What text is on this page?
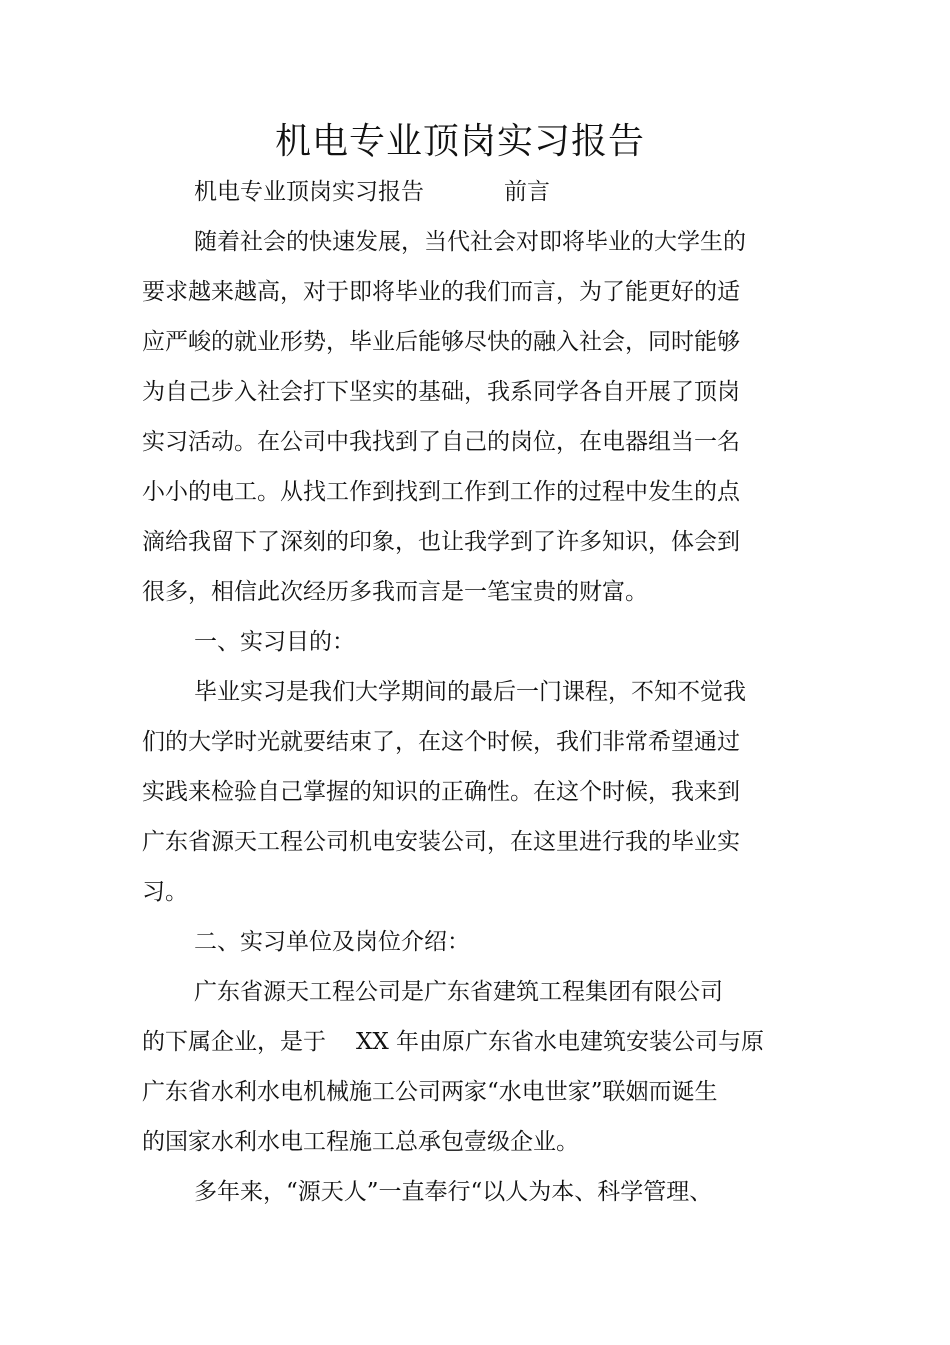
机电专业顶岗实习报告
机电专业顶岗实习报告	前言
随着社会的快速发展，当代社会对即将毕业的大学生的
要求越来越高，对于即将毕业的我们而言，为了能更好的适
应严峻的就业形势，毕业后能够尽快的融入社会，同时能够
为自己步入社会打下坚实的基础，我系同学各自开展了顶岗
实习活动。在公司中我找到了自己的岗位，在电器组当一名
小小的电工。从找工作到找到工作到工作的过程中发生的点
滴给我留下了深刻的印象，也让我学到了许多知识，体会到
很多，相信此次经历多我而言是一笔宝贵的财富。
一、实习目的：
毕业实习是我们大学期间的最后一门课程，不知不觉我
们的大学时光就要结束了，在这个时候，我们非常希望通过
实践来检验自己掌握的知识的正确性。在这个时候，我来到
广东省源天工程公司机电安装公司，在这里进行我的毕业实
习。
二、实习单位及岗位介绍：
广东省源天工程公司是广东省建筑工程集团有限公司
的下属企业，是于 XX 年由原广东省水电建筑安装公司与原
广东省水利水电机械施工公司两家“水电世家”联姻而诞生
的国家水利水电工程施工总承包壹级企业。
多年来，“源天人”一直奉行“以人为本、科学管理、
